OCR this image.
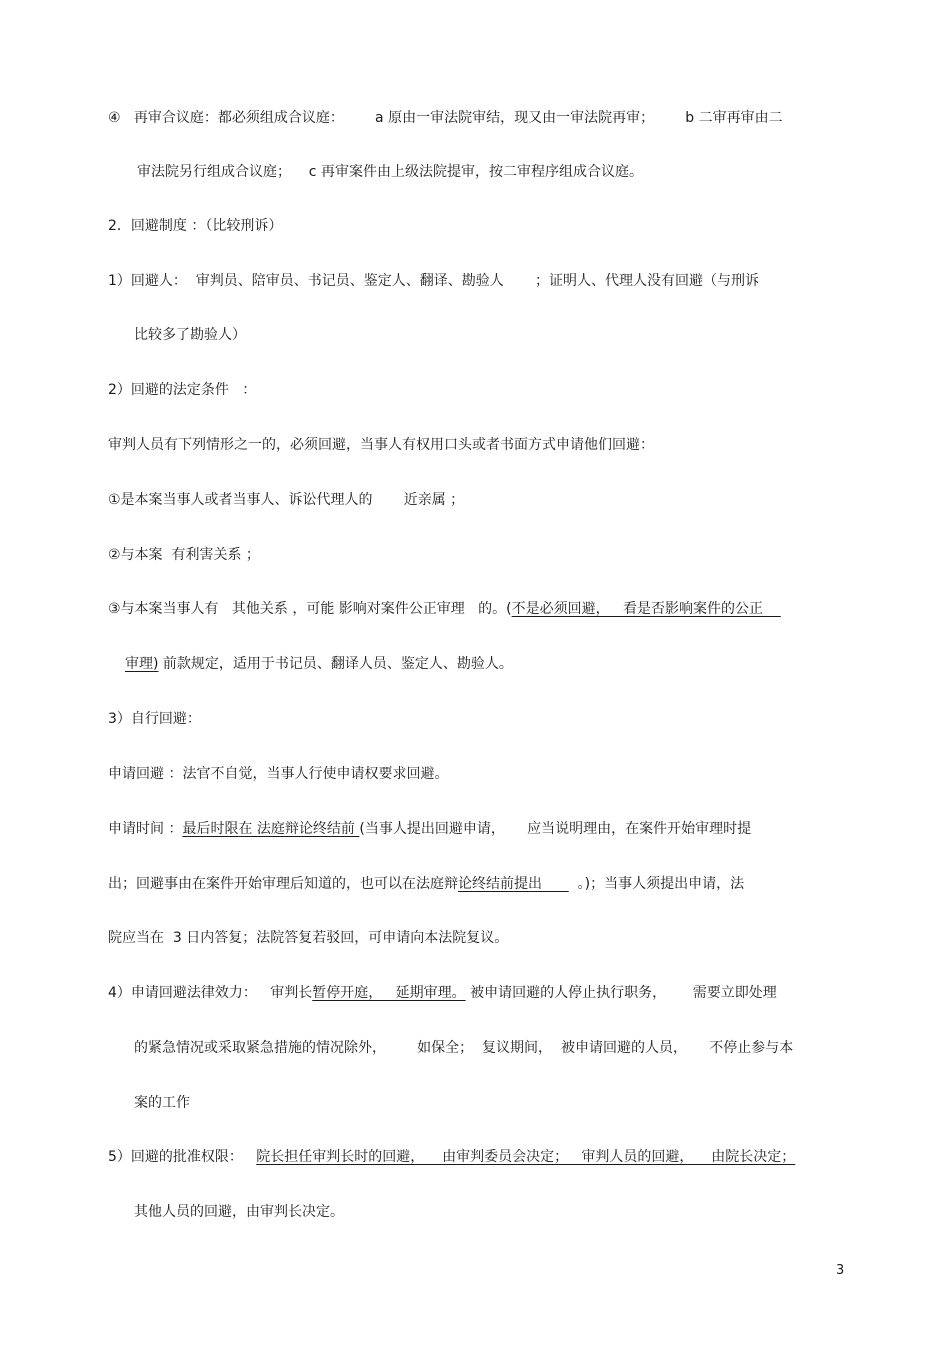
④   再审合议庭：都必须组成合议庭：       a 原由一审法院审结，现又由一审法院再审；       b 二审再审由二
审法院另行组成合议庭；    c 再审案件由上级法院提审，按二审程序组成合议庭。
2．回避制度 ：（比较刑诉）
1）回避人：  审判员、陪审员、书记员、鉴定人、翻译、勘验人       ；证明人、代理人没有回避（与刑诉
比较多了勘验人）
2）回避的法定条件   ：
审判人员有下列情形之一的，必须回避，当事人有权用口头或者书面方式申请他们回避：
①是本案当事人或者当事人、诉讼代理人的       近亲属 ；
②与本案  有利害关系 ；
③与本案当事人有   其他关系 ，可能 影响对案件公正审理   的。(不是必须回避，   看是否影响案件的公正
审理) 前款规定，适用于书记员、翻译人员、鉴定人、勘验人。
3）自行回避：
申请回避 ：法官不自觉，当事人行使申请权要求回避。
申请时间 ：最后时限在 法庭辩论终结前 (当事人提出回避申请，     应当说明理由，在案件开始审理时提
出；回避事由在案件开始审理后知道的，也可以在法庭辩论终结前提出        。)；当事人须提出申请，法
院应当在  3 日内答复；法院答复若驳回，可申请向本法院复议。
4）申请回避法律效力：   审判长暂停开庭，   延期审理。 被申请回避的人停止执行职务，      需要立即处理
的紧急情况或采取紧急措施的情况除外，       如保全；  复议期间，  被申请回避的人员，     不停止参与本
案的工作
5）回避的批准权限：   院长担任审判长时的回避，    由审判委员会决定；   审判人员的回避，    由院长决定；
其他人员的回避，由审判长决定。
3
